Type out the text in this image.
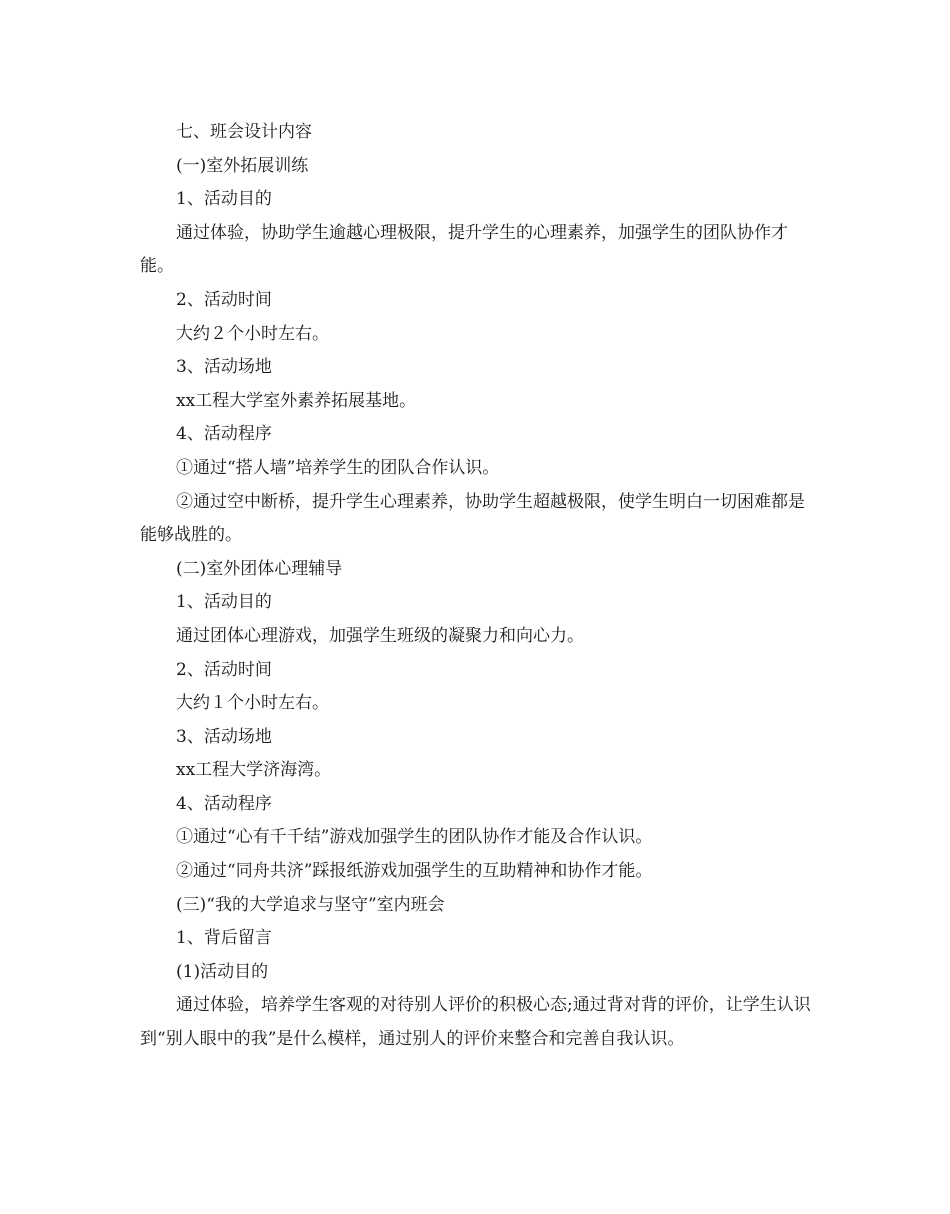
七、班会设计内容

(一)室外拓展训练

1、活动目的

通过体验，协助学生逾越心理极限，提升学生的心理素养，加强学生的团队协作才能。

2、活动时间

大约２个小时左右。

3、活动场地

xx工程大学室外素养拓展基地。

4、活动程序

①通过“搭人墙”培养学生的团队合作认识。

②通过空中断桥，提升学生心理素养，协助学生超越极限，使学生明白一切困难都是能够战胜的。

(二)室外团体心理辅导

1、活动目的

通过团体心理游戏，加强学生班级的凝聚力和向心力。

2、活动时间

大约１个小时左右。

3、活动场地

xx工程大学济海湾。

4、活动程序

①通过“心有千千结”游戏加强学生的团队协作才能及合作认识。

②通过“同舟共济”踩报纸游戏加强学生的互助精神和协作才能。

(三)“我的大学追求与坚守”室内班会

1、背后留言

(1)活动目的

通过体验，培养学生客观的对待别人评价的积极心态;通过背对背的评价，让学生认识到“别人眼中的我”是什么模样，通过别人的评价来整合和完善自我认识。
